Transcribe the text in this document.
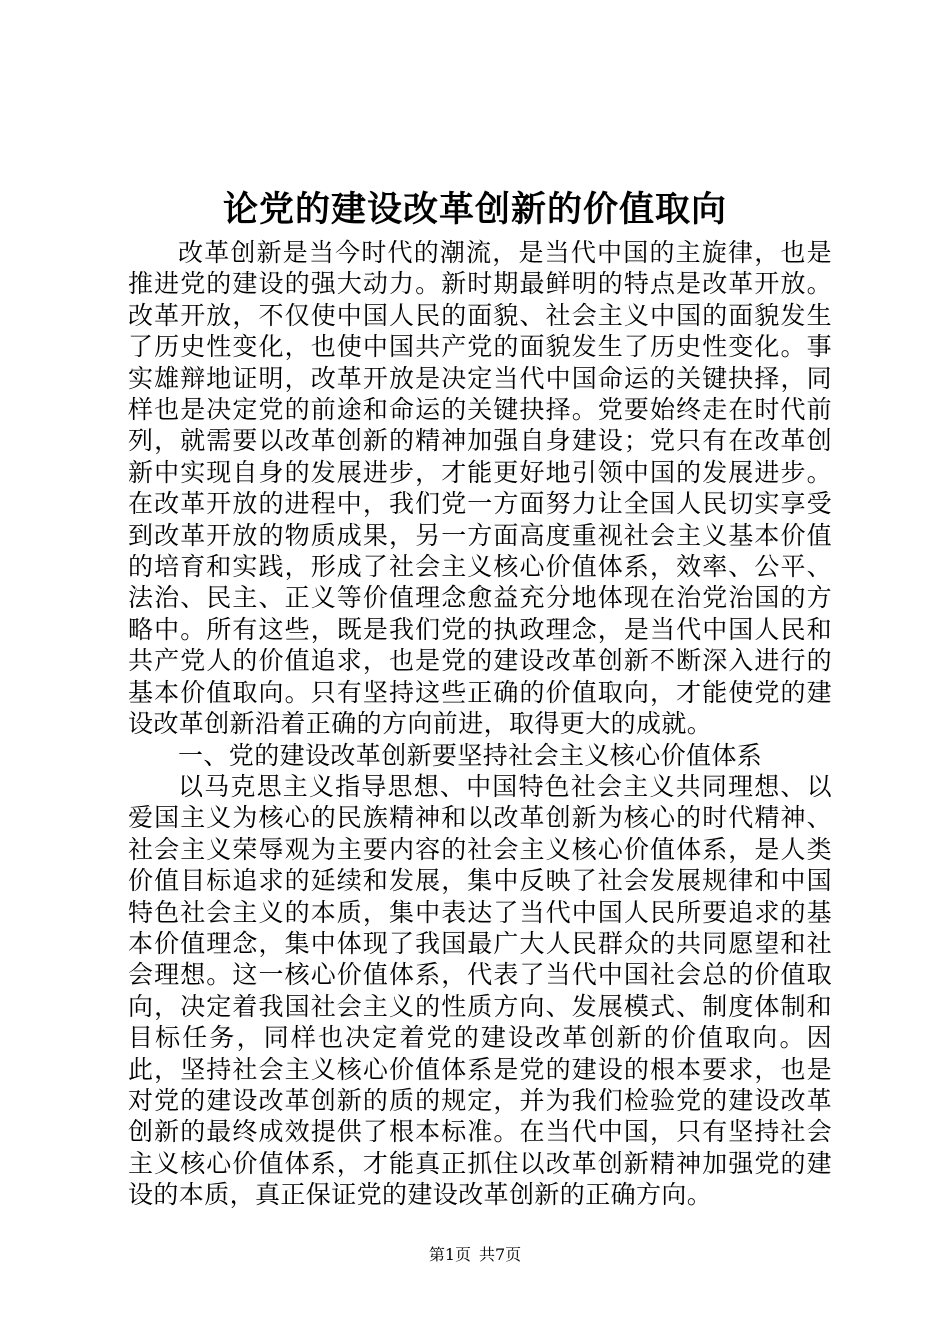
论党的建设改革创新的价值取向

改革创新是当今时代的潮流，是当代中国的主旋律，也是推进党的建设的强大动力。新时期最鲜明的特点是改革开放。改革开放，不仅使中国人民的面貌、社会主义中国的面貌发生了历史性变化，也使中国共产党的面貌发生了历史性变化。事实雄辩地证明，改革开放是决定当代中国命运的关键抉择，同样也是决定党的前途和命运的关键抉择。党要始终走在时代前列，就需要以改革创新的精神加强自身建设；党只有在改革创新中实现自身的发展进步，才能更好地引领中国的发展进步。在改革开放的进程中，我们党一方面努力让全国人民切实享受到改革开放的物质成果，另一方面高度重视社会主义基本价值的培育和实践，形成了社会主义核心价值体系，效率、公平、法治、民主、正义等价值理念愈益充分地体现在治党治国的方略中。所有这些，既是我们党的执政理念，是当代中国人民和共产党人的价值追求，也是党的建设改革创新不断深入进行的基本价值取向。只有坚持这些正确的价值取向，才能使党的建设改革创新沿着正确的方向前进，取得更大的成就。

一、党的建设改革创新要坚持社会主义核心价值体系

以马克思主义指导思想、中国特色社会主义共同理想、以爱国主义为核心的民族精神和以改革创新为核心的时代精神、社会主义荣辱观为主要内容的社会主义核心价值体系，是人类价值目标追求的延续和发展，集中反映了社会发展规律和中国特色社会主义的本质，集中表达了当代中国人民所要追求的基本价值理念，集中体现了我国最广大人民群众的共同愿望和社会理想。这一核心价值体系，代表了当代中国社会总的价值取向，决定着我国社会主义的性质方向、发展模式、制度体制和目标任务，同样也决定着党的建设改革创新的价值取向。因此，坚持社会主义核心价值体系是党的建设的根本要求，也是对党的建设改革创新的质的规定，并为我们检验党的建设改革创新的最终成效提供了根本标准。在当代中国，只有坚持社会主义核心价值体系，才能真正抓住以改革创新精神加强党的建设的本质，真正保证党的建设改革创新的正确方向。

第1页 共7页
